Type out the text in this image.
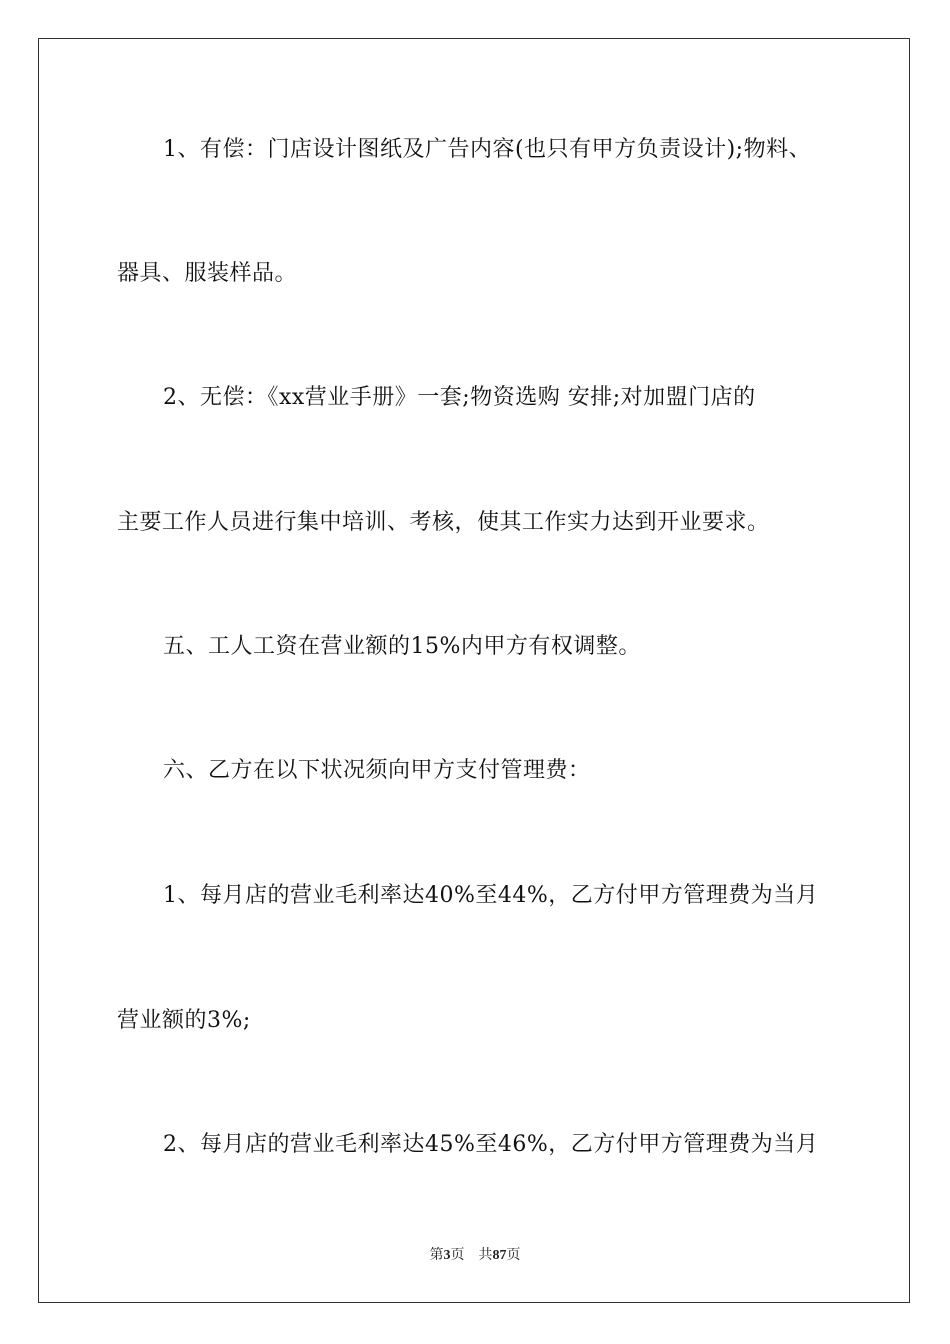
1、有偿：门店设计图纸及广告内容(也只有甲方负责设计);物料、
器具、服装样品。
2、无偿：《xx营业手册》一套;物资选购 安排;对加盟门店的
主要工作人员进行集中培训、考核，使其工作实力达到开业要求。
五、工人工资在营业额的15%内甲方有权调整。
六、乙方在以下状况须向甲方支付管理费：
1、每月店的营业毛利率达40%至44%，乙方付甲方管理费为当月
营业额的3%;
2、每月店的营业毛利率达45%至46%，乙方付甲方管理费为当月
第3页 共87页
